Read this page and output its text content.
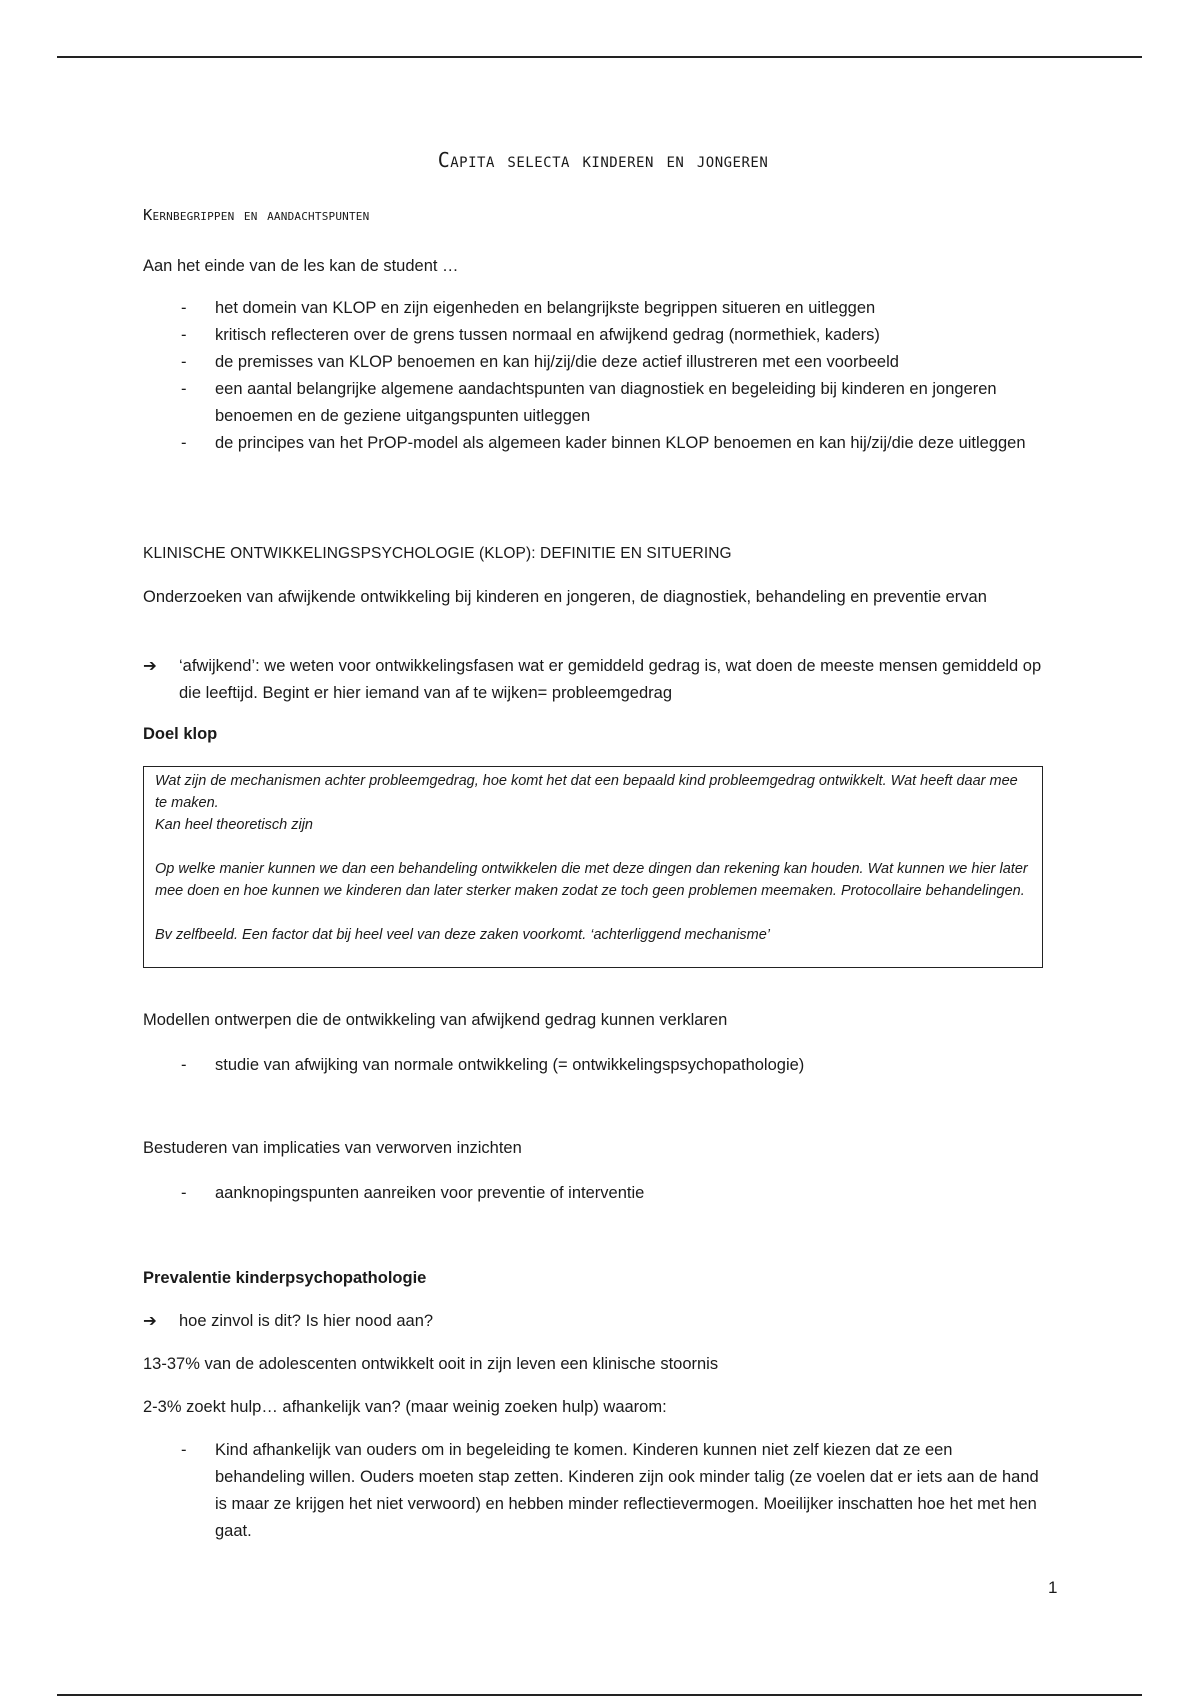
Capita selecta kinderen en jongeren
Kernbegrippen en aandachtspunten
Aan het einde van de les kan de student …
- het domein van KLOP en zijn eigenheden en belangrijkste begrippen situeren en uitleggen
- kritisch reflecteren over de grens tussen normaal en afwijkend gedrag (normethiek, kaders)
- de premisses van KLOP benoemen en kan hij/zij/die deze actief illustreren met een voorbeeld
- een aantal belangrijke algemene aandachtspunten van diagnostiek en begeleiding bij kinderen en jongeren benoemen en de geziene uitgangspunten uitleggen
- de principes van het PrOP-model als algemeen kader binnen KLOP benoemen en kan hij/zij/die deze uitleggen
KLINISCHE ONTWIKKELINGSPSYCHOLOGIE (KLOP): DEFINITIE EN SITUERING
Onderzoeken van afwijkende ontwikkeling bij kinderen en jongeren, de diagnostiek, behandeling en preventie ervan
➔ ‘afwijkend’: we weten voor ontwikkelingsfasen wat er gemiddeld gedrag is, wat doen de meeste mensen gemiddeld op die leeftijd. Begint er hier iemand van af te wijken= probleemgedrag
Doel klop

Wat zijn de mechanismen achter probleemgedrag, hoe komt het dat een bepaald kind probleemgedrag ontwikkelt. Wat heeft daar mee te maken.
Kan heel theoretisch zijn

Op welke manier kunnen we dan een behandeling ontwikkelen die met deze dingen dan rekening kan houden. Wat kunnen we hier later mee doen en hoe kunnen we kinderen dan later sterker maken zodat ze toch geen problemen meemaken. Protocollaire behandelingen.

Bv zelfbeeld. Een factor dat bij heel veel van deze zaken voorkomt. ‘achterliggend mechanisme’

Modellen ontwerpen die de ontwikkeling van afwijkend gedrag kunnen verklaren
- studie van afwijking van normale ontwikkeling (= ontwikkelingspsychopathologie)
Bestuderen van implicaties van verworven inzichten
- aanknopingspunten aanreiken voor preventie of interventie
Prevalentie kinderpsychopathologie
➔ hoe zinvol is dit? Is hier nood aan?
13-37% van de adolescenten ontwikkelt ooit in zijn leven een klinische stoornis
2-3% zoekt hulp… afhankelijk van? (maar weinig zoeken hulp) waarom:
- Kind afhankelijk van ouders om in begeleiding te komen. Kinderen kunnen niet zelf kiezen dat ze een behandeling willen. Ouders moeten stap zetten. Kinderen zijn ook minder talig (ze voelen dat er iets aan de hand is maar ze krijgen het niet verwoord) en hebben minder reflectievermogen. Moeilijker inschatten hoe het met hen gaat.
1
